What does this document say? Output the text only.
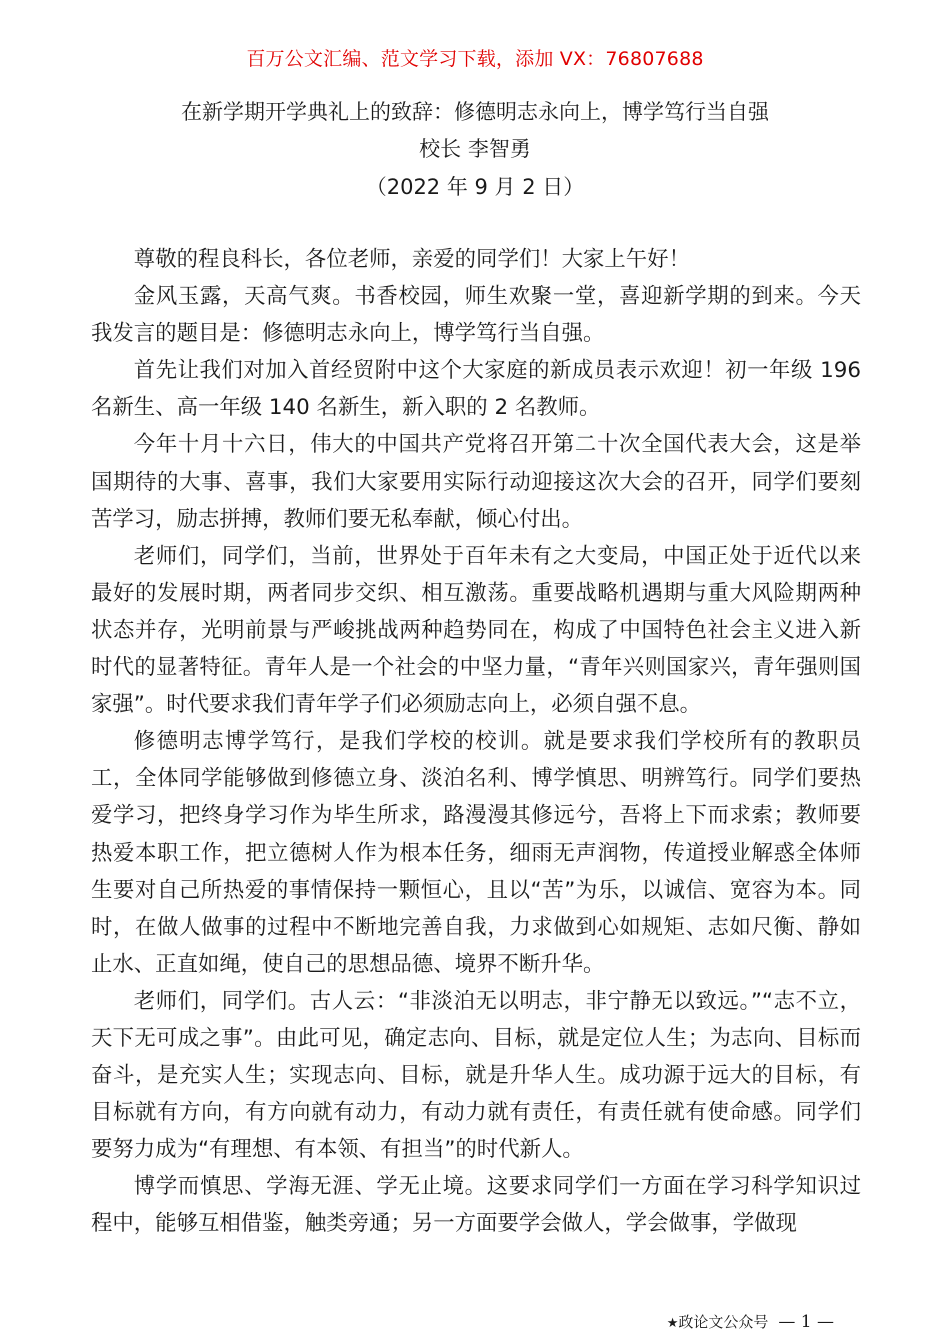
百万公文汇编、范文学习下载，添加 VX：76807688
在新学期开学典礼上的致辞：修德明志永向上，博学笃行当自强
校长 李智勇
（2022 年 9 月 2 日）

尊敬的程良科长，各位老师，亲爱的同学们！大家上午好！

金风玉露，天高气爽。书香校园，师生欢聚一堂，喜迎新学期的到来。今天我发言的题目是：修德明志永向上，博学笃行当自强。

首先让我们对加入首经贸附中这个大家庭的新成员表示欢迎！初一年级 196 名新生、高一年级 140 名新生，新入职的 2 名教师。

今年十月十六日，伟大的中国共产党将召开第二十次全国代表大会，这是举国期待的大事、喜事，我们大家要用实际行动迎接这次大会的召开，同学们要刻苦学习，励志拼搏，教师们要无私奉献，倾心付出。

老师们，同学们，当前，世界处于百年未有之大变局，中国正处于近代以来最好的发展时期，两者同步交织、相互激荡。重要战略机遇期与重大风险期两种状态并存，光明前景与严峻挑战两种趋势同在，构成了中国特色社会主义进入新时代的显著特征。青年人是一个社会的中坚力量，“青年兴则国家兴，青年强则国家强”。时代要求我们青年学子们必须励志向上，必须自强不息。

修德明志博学笃行，是我们学校的校训。就是要求我们学校所有的教职员工，全体同学能够做到修德立身、淡泊名利、博学慎思、明辨笃行。同学们要热爱学习，把终身学习作为毕生所求，路漫漫其修远兮，吾将上下而求索；教师要热爱本职工作，把立德树人作为根本任务，细雨无声润物，传道授业解惑全体师生要对自己所热爱的事情保持一颗恒心，且以“苦”为乐，以诚信、宽容为本。同时，在做人做事的过程中不断地完善自我，力求做到心如规矩、志如尺衡、静如止水、正直如绳，使自己的思想品德、境界不断升华。

老师们，同学们。古人云：“非淡泊无以明志，非宁静无以致远。”“志不立，天下无可成之事”。由此可见，确定志向、目标，就是定位人生；为志向、目标而奋斗，是充实人生；实现志向、目标，就是升华人生。成功源于远大的目标，有目标就有方向，有方向就有动力，有动力就有责任，有责任就有使命感。同学们要努力成为“有理想、有本领、有担当”的时代新人。

博学而慎思、学海无涯、学无止境。这要求同学们一方面在学习科学知识过程中，能够互相借鉴，触类旁通；另一方面要学会做人，学会做事，学做现

★政论文公众号 — 1 —
